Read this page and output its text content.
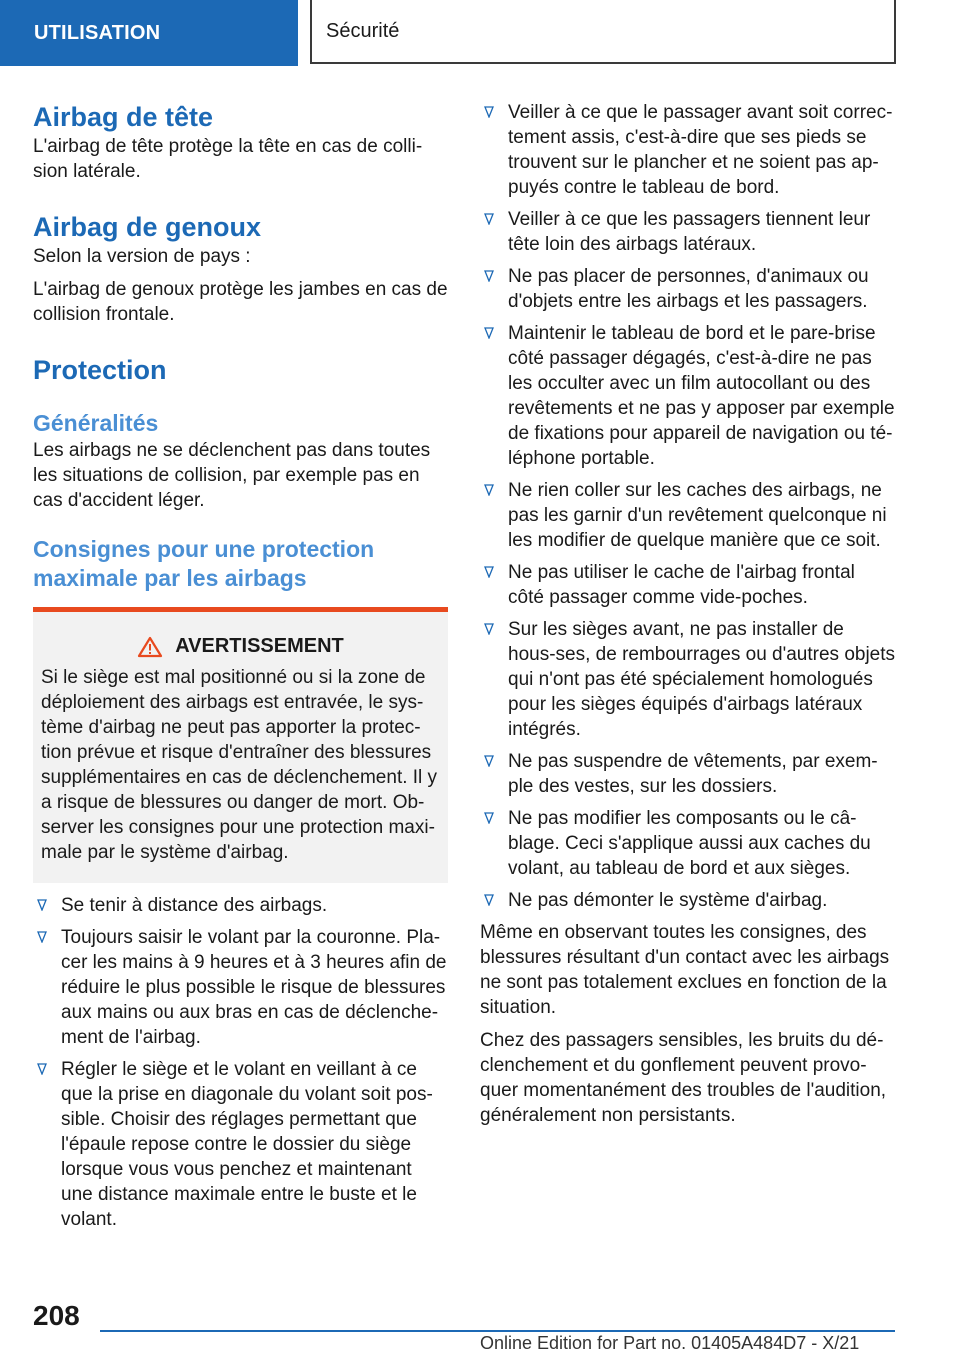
UTILISATION	Sécurité
Airbag de tête

L'airbag de tête protège la tête en cas de colli-sion latérale.

Airbag de genoux

Selon la version de pays :

L'airbag de genoux protège les jambes en cas de collision frontale.

Protection
Généralités

Les airbags ne se déclenchent pas dans toutes les situations de collision, par exemple pas en cas d'accident léger.

Consignes pour une protection maximale par les airbags
AVERTISSEMENT

Si le siège est mal positionné ou si la zone de déploiement des airbags est entravée, le sys-tème d'airbag ne peut pas apporter la protec-tion prévue et risque d'entraîner des blessures supplémentaires en cas de déclenchement. Il y a risque de blessures ou danger de mort. Ob-server les consignes pour une protection maxi-male par le système d'airbag.

Se tenir à distance des airbags.
Toujours saisir le volant par la couronne. Pla-cer les mains à 9 heures et à 3 heures afin de réduire le plus possible le risque de blessures aux mains ou aux bras en cas de déclenche-ment de l'airbag.
Régler le siège et le volant en veillant à ce que la prise en diagonale du volant soit pos-sible. Choisir des réglages permettant que l'épaule repose contre le dossier du siège lorsque vous vous penchez et maintenant une distance maximale entre le buste et le volant.
Veiller à ce que le passager avant soit correc-tement assis, c'est-à-dire que ses pieds se trouvent sur le plancher et ne soient pas ap-puyés contre le tableau de bord.
Veiller à ce que les passagers tiennent leur tête loin des airbags latéraux.
Ne pas placer de personnes, d'animaux ou d'objets entre les airbags et les passagers.
Maintenir le tableau de bord et le pare-brise côté passager dégagés, c'est-à-dire ne pas les occulter avec un film autocollant ou des revêtements et ne pas y apposer par exemple de fixations pour appareil de navigation ou té-léphone portable.
Ne rien coller sur les caches des airbags, ne pas les garnir d'un revêtement quelconque ni les modifier de quelque manière que ce soit.
Ne pas utiliser le cache de l'airbag frontal côté passager comme vide-poches.
Sur les sièges avant, ne pas installer de hous-ses, de rembourrages ou d'autres objets qui n'ont pas été spécialement homologués pour les sièges équipés d'airbags latéraux intégrés.
Ne pas suspendre de vêtements, par exem-ple des vestes, sur les dossiers.
Ne pas modifier les composants ou le câ-blage. Ceci s'applique aussi aux caches du volant, au tableau de bord et aux sièges.
Ne pas démonter le système d'airbag.

Même en observant toutes les consignes, des blessures résultant d'un contact avec les airbags ne sont pas totalement exclues en fonction de la situation.

Chez des passagers sensibles, les bruits du dé-clenchement et du gonflement peuvent provo-quer momentanément des troubles de l'audition, généralement non persistants.

208
Online Edition for Part no. 01405A484D7 - X/21
